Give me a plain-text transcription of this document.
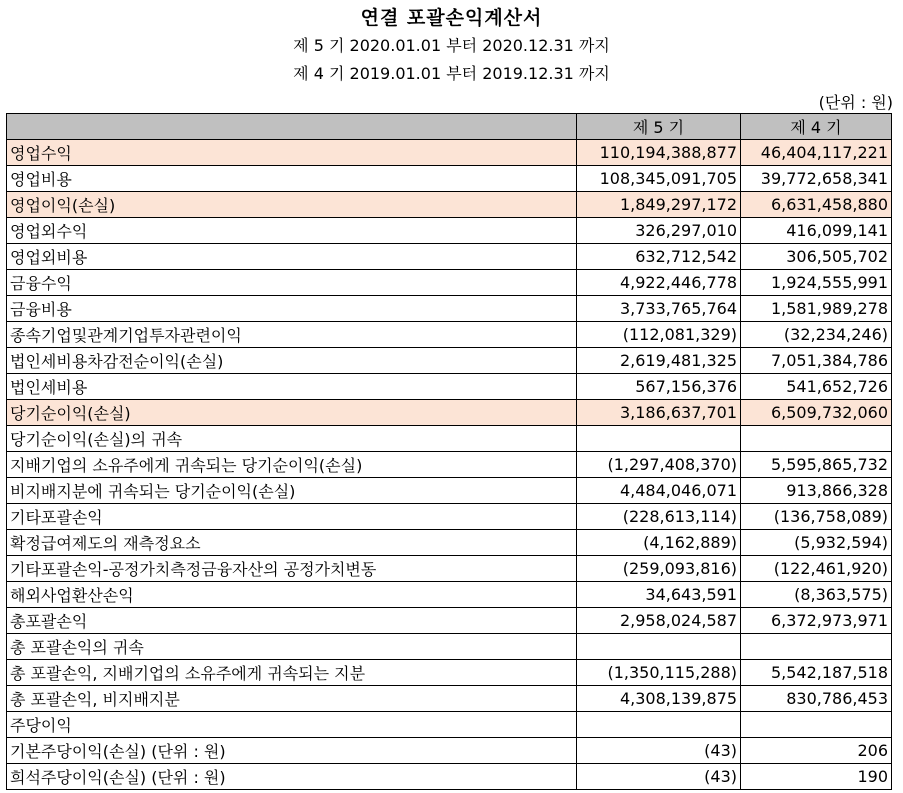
연결 포괄손익계산서
제 5 기 2020.01.01 부터 2020.12.31 까지
제 4 기 2019.01.01 부터 2019.12.31 까지
(단위 : 원)
	제 5 기	제 4 기
영업수익	110,194,388,877	46,404,117,221
영업비용	108,345,091,705	39,772,658,341
영업이익(손실)	1,849,297,172	6,631,458,880
영업외수익	326,297,010	416,099,141
영업외비용	632,712,542	306,505,702
금융수익	4,922,446,778	1,924,555,991
금융비용	3,733,765,764	1,581,989,278
종속기업및관계기업투자관련이익	(112,081,329)	(32,234,246)
법인세비용차감전순이익(손실)	2,619,481,325	7,051,384,786
법인세비용	567,156,376	541,652,726
당기순이익(손실)	3,186,637,701	6,509,732,060
당기순이익(손실)의 귀속		
지배기업의 소유주에게 귀속되는 당기순이익(손실)	(1,297,408,370)	5,595,865,732
비지배지분에 귀속되는 당기순이익(손실)	4,484,046,071	913,866,328
기타포괄손익	(228,613,114)	(136,758,089)
확정급여제도의 재측정요소	(4,162,889)	(5,932,594)
기타포괄손익-공정가치측정금융자산의 공정가치변동	(259,093,816)	(122,461,920)
해외사업환산손익	34,643,591	(8,363,575)
총포괄손익	2,958,024,587	6,372,973,971
총 포괄손익의 귀속		
총 포괄손익, 지배기업의 소유주에게 귀속되는 지분	(1,350,115,288)	5,542,187,518
총 포괄손익, 비지배지분	4,308,139,875	830,786,453
주당이익		
기본주당이익(손실) (단위 : 원)	(43)	206
희석주당이익(손실) (단위 : 원)	(43)	190
